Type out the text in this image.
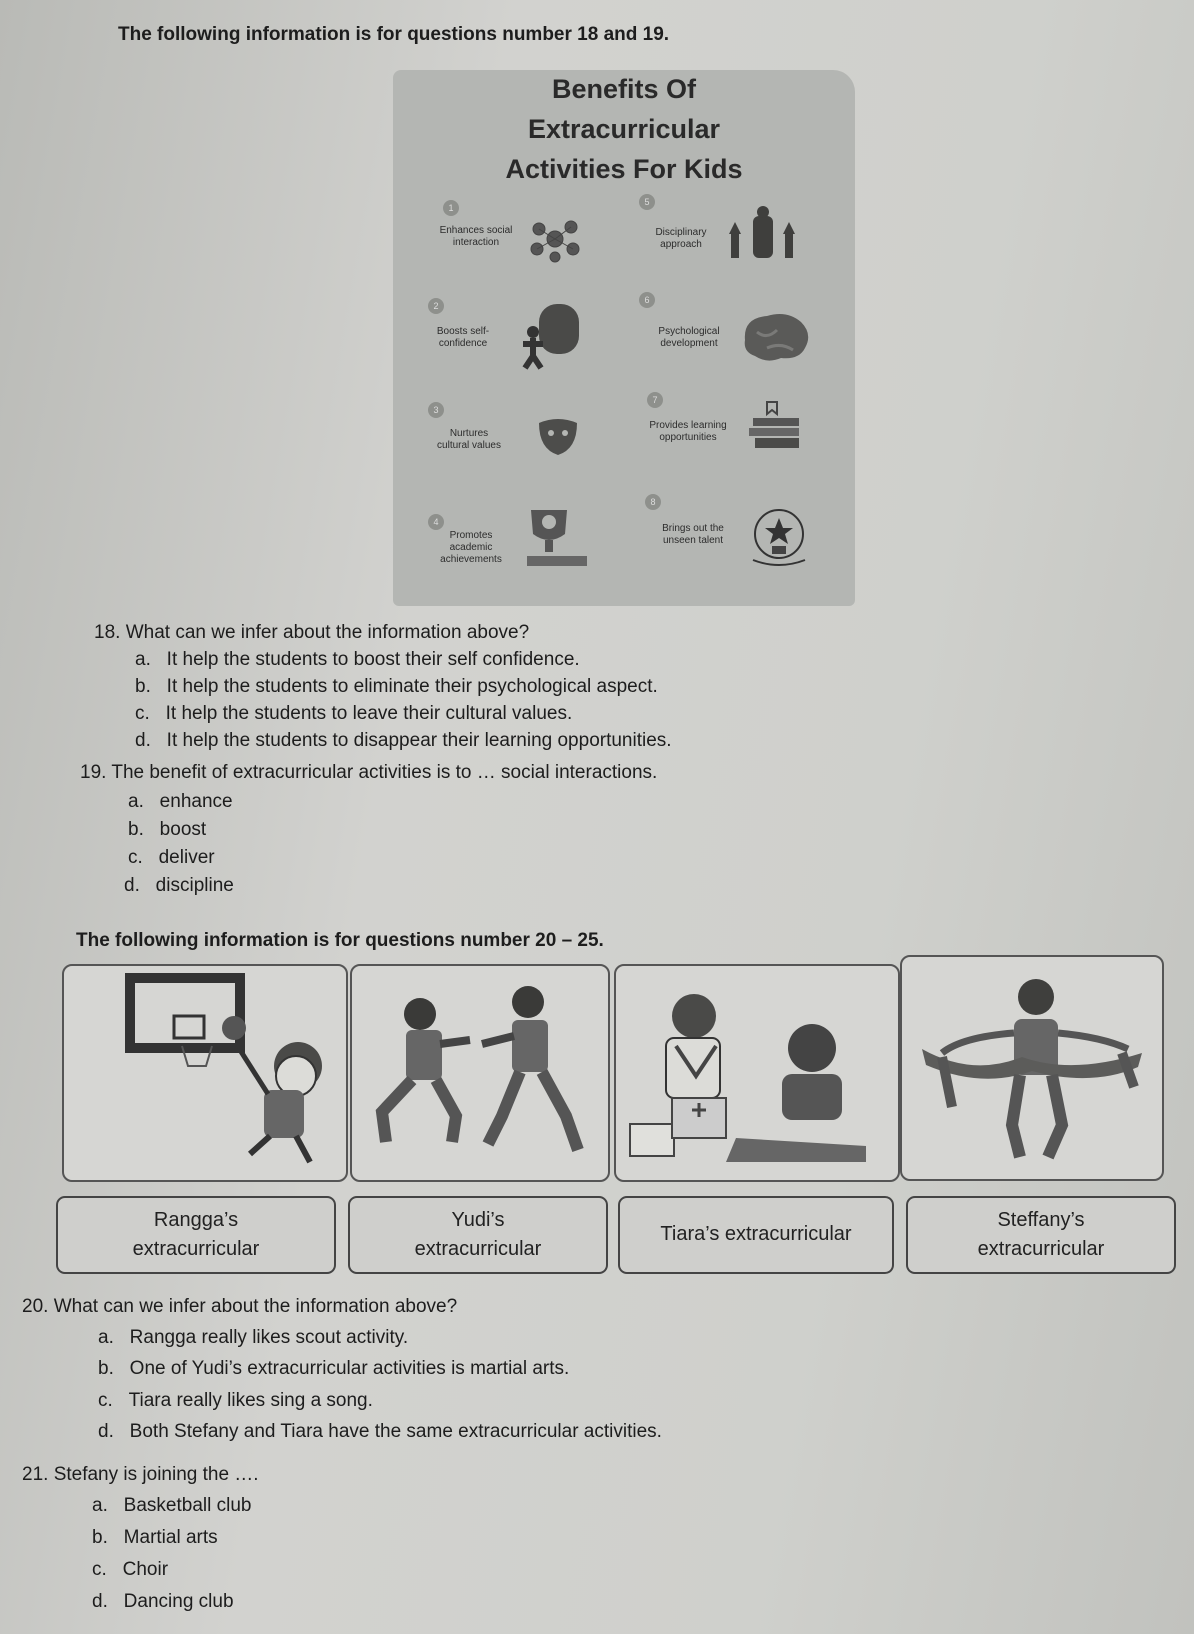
The following information is for questions number 18 and 19.
Benefits Of
Extracurricular
Activities For Kids
1
Enhances social
interaction
2
Boosts self-
confidence
3
Nurtures
cultural values
4
Promotes
academic
achievements
5
Disciplinary
approach
6
Psychological
development
7
Provides learning
opportunities
8
Brings out the
unseen talent
18. What can we infer about the information above?
a.   It help the students to boost their self confidence.
b.   It help the students to eliminate their psychological aspect.
c.   It help the students to leave their cultural values.
d.   It help the students to disappear their learning opportunities.
19. The benefit of extracurricular activities is to … social interactions.
a.   enhance
b.   boost
c.   deliver
d.   discipline
The following information is for questions number 20 – 25.
Rangga’s
extracurricular
Yudi’s
extracurricular
Tiara’s extracurricular
Steffany’s
extracurricular
20. What can we infer about the information above?
a.   Rangga really likes scout activity.
b.   One of Yudi’s extracurricular activities is martial arts.
c.   Tiara really likes sing a song.
d.   Both Stefany and Tiara have the same extracurricular activities.
21. Stefany is joining the ….
a.   Basketball club
b.   Martial arts
c.   Choir
d.   Dancing club
